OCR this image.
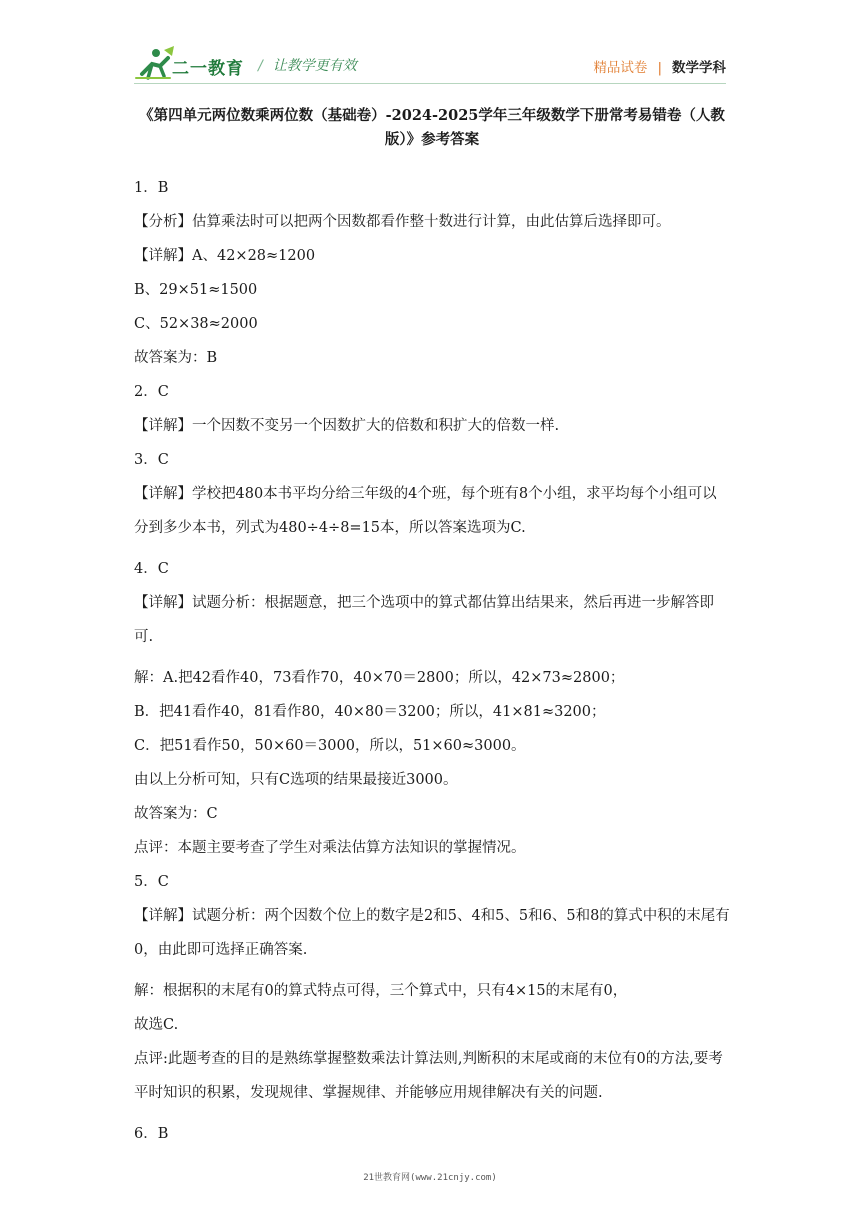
二一教育 / 让教学更有效	精品试卷 | 数学学科
《第四单元两位数乘两位数（基础卷）-2024-2025学年三年级数学下册常考易错卷（人教版）》参考答案

1．B

【分析】估算乘法时可以把两个因数都看作整十数进行计算，由此估算后选择即可。

【详解】A、42×28≈1200

B、29×51≈1500

C、52×38≈2000

故答案为：B

2．C

【详解】一个因数不变另一个因数扩大的倍数和积扩大的倍数一样.

3．C

【详解】学校把480本书平均分给三年级的4个班，每个班有8个小组，求平均每个小组可以分到多少本书，列式为480÷4÷8=15本，所以答案选项为C.

4．C

【详解】试题分析：根据题意，把三个选项中的算式都估算出结果来，然后再进一步解答即可.

解：A.把42看作40，73看作70，40×70＝2800；所以，42×73≈2800；

B．把41看作40，81看作80，40×80＝3200；所以，41×81≈3200；

C．把51看作50，50×60＝3000，所以，51×60≈3000。

由以上分析可知，只有C选项的结果最接近3000。

故答案为：C

点评：本题主要考查了学生对乘法估算方法知识的掌握情况。

5．C

【详解】试题分析：两个因数个位上的数字是2和5、4和5、5和6、5和8的算式中积的末尾有0，由此即可选择正确答案.

解：根据积的末尾有0的算式特点可得，三个算式中，只有4×15的末尾有0，

故选C.

点评:此题考查的目的是熟练掌握整数乘法计算法则,判断积的末尾或商的末位有0的方法,要考平时知识的积累，发现规律、掌握规律、并能够应用规律解决有关的问题.

6．B

21世教育网(www.21cnjy.com)
